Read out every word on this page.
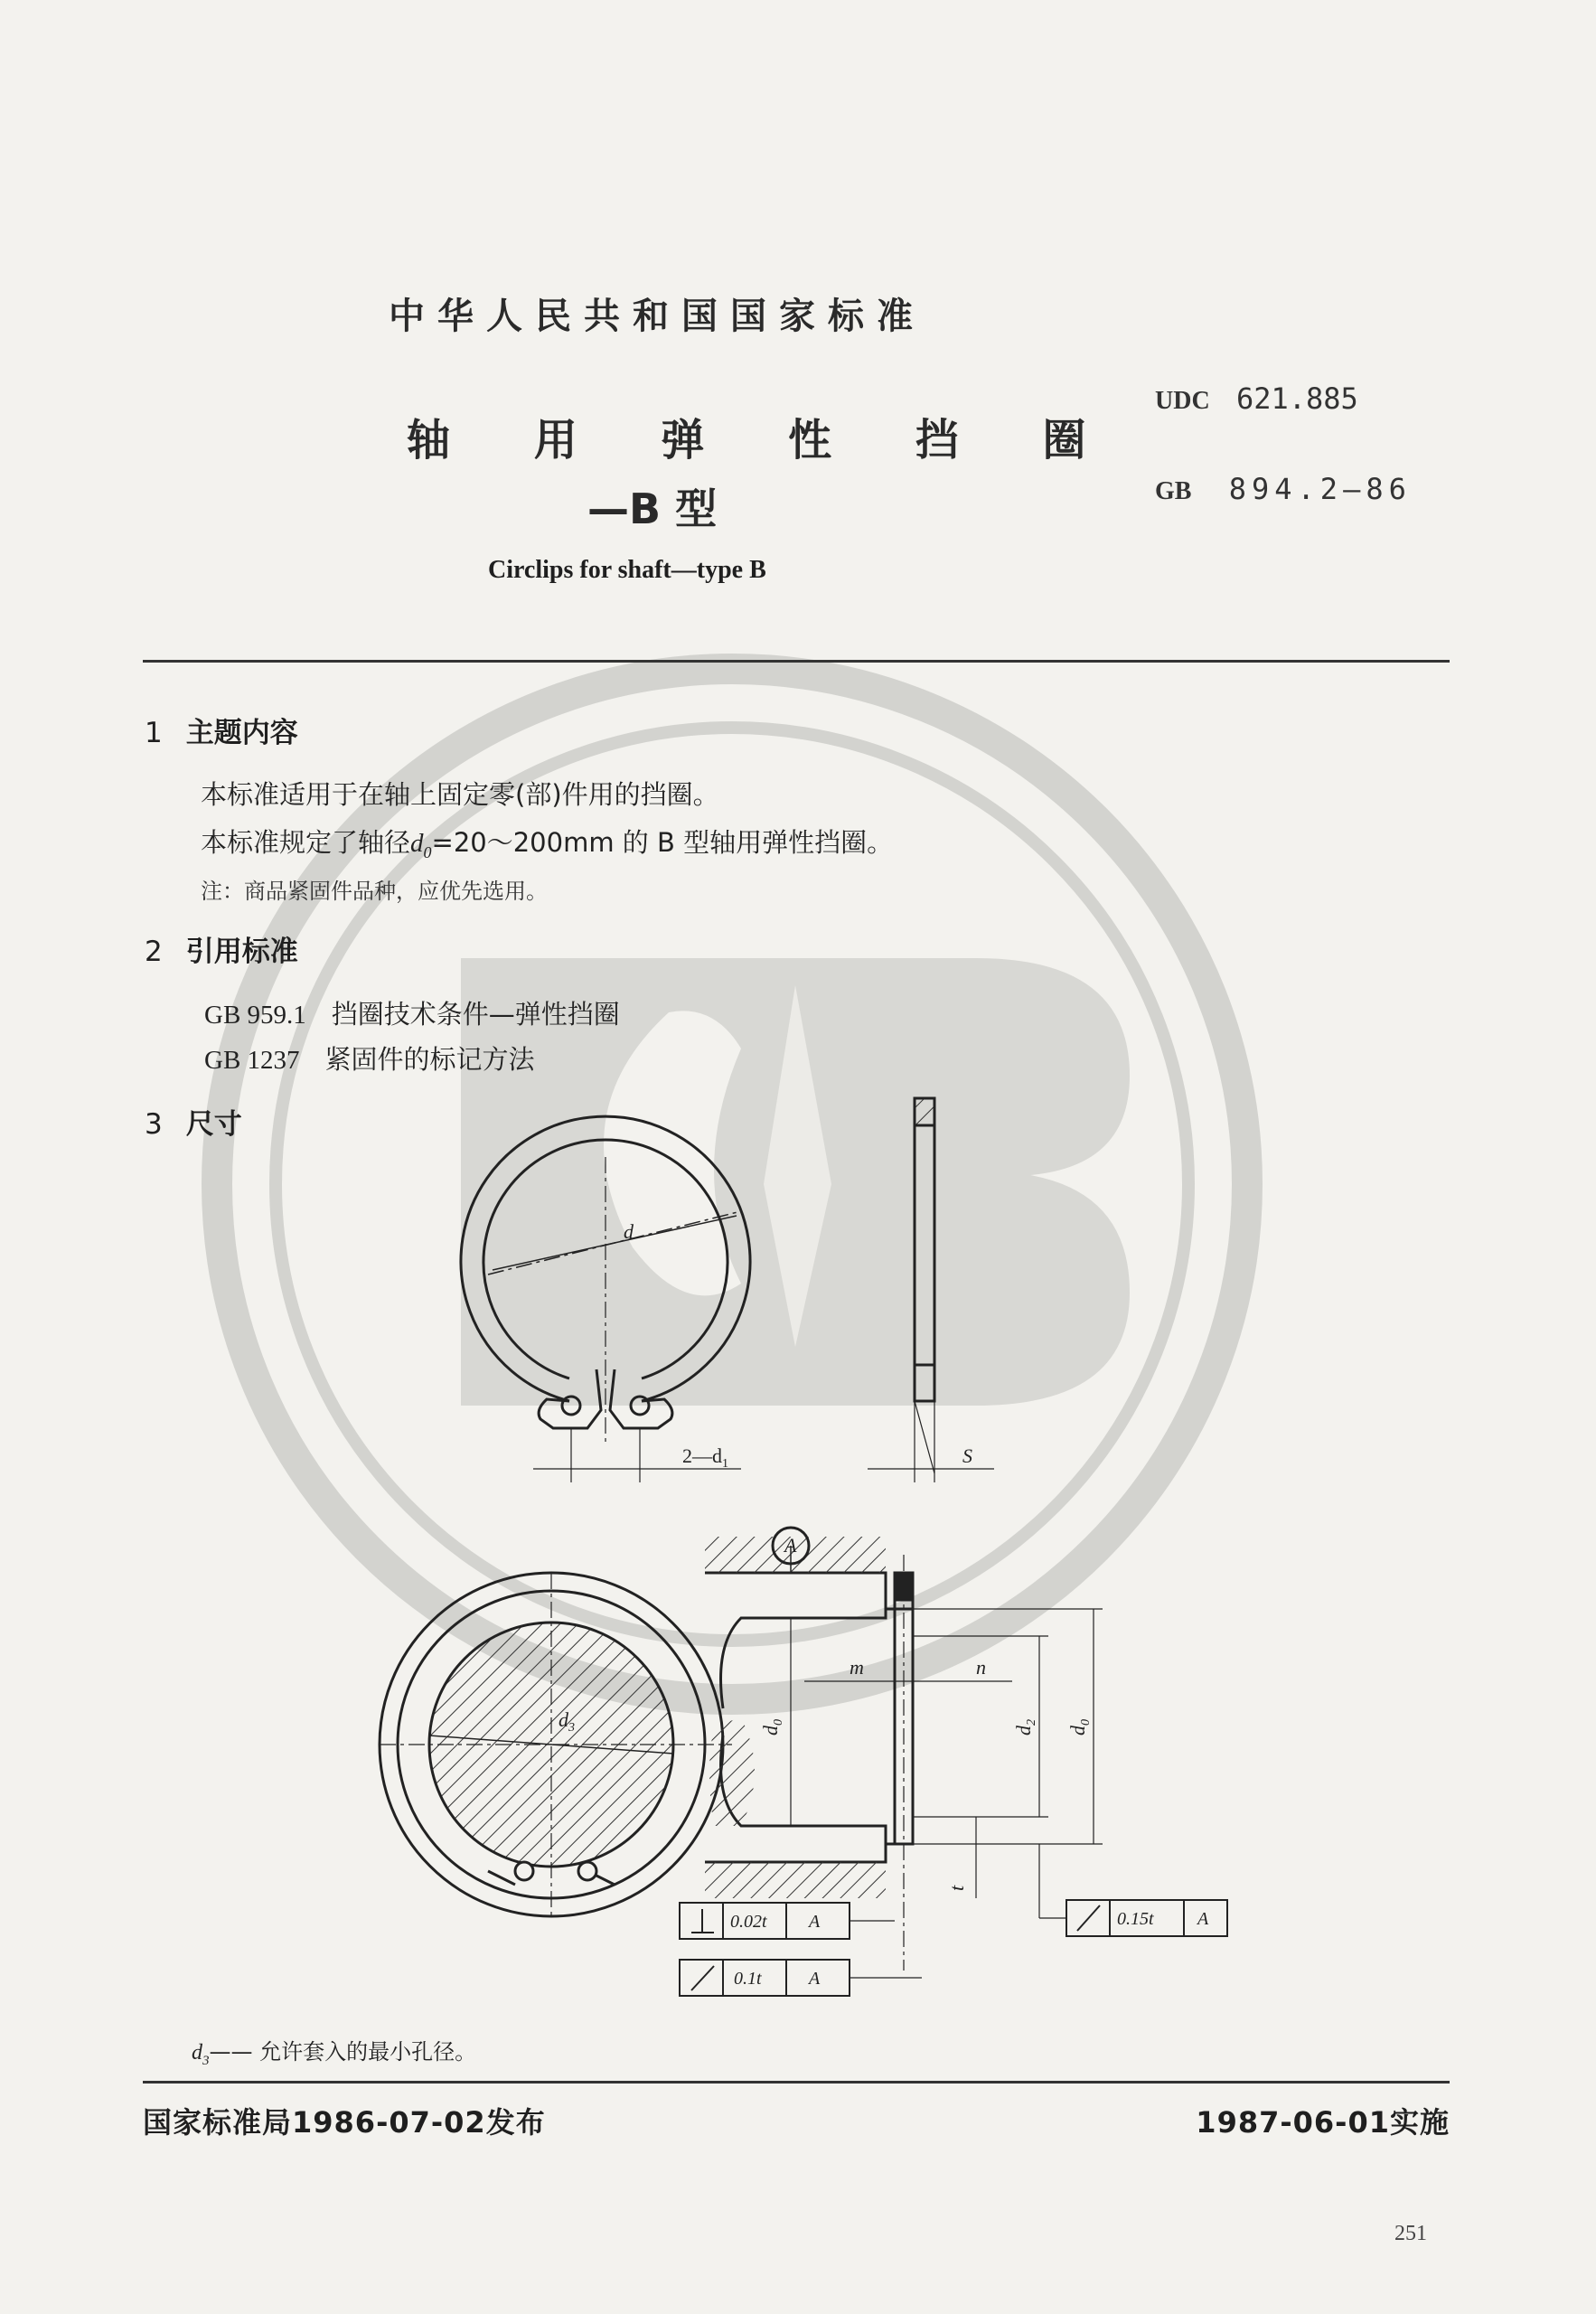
中华人民共和国国家标准
轴 用 弹 性 挡 圈
—B 型
Circlips for shaft—type B
UDC 621.885
GB 894.2—86
1 主题内容
本标准适用于在轴上固定零(部)件用的挡圈。
本标准规定了轴径$d_0=20\sim 200mm$ 的 B 型轴用弹性挡圈。
注：商品紧固件品种，应优先选用。
2 引用标准
GB 959.1 挡圈技术条件—弹性挡圈
GB 1237 紧固件的标记方法
3 尺寸
d
$2—d_1$	S
A
$d_3$
m	n
$d_0$
$d_2$
$d_0$
t
0.02t A
0.1t	A
0.15t A
$d_3——$ 允许套入的最小孔径。
国家标准局1986-07-02发布	1987-06-01实施
251
